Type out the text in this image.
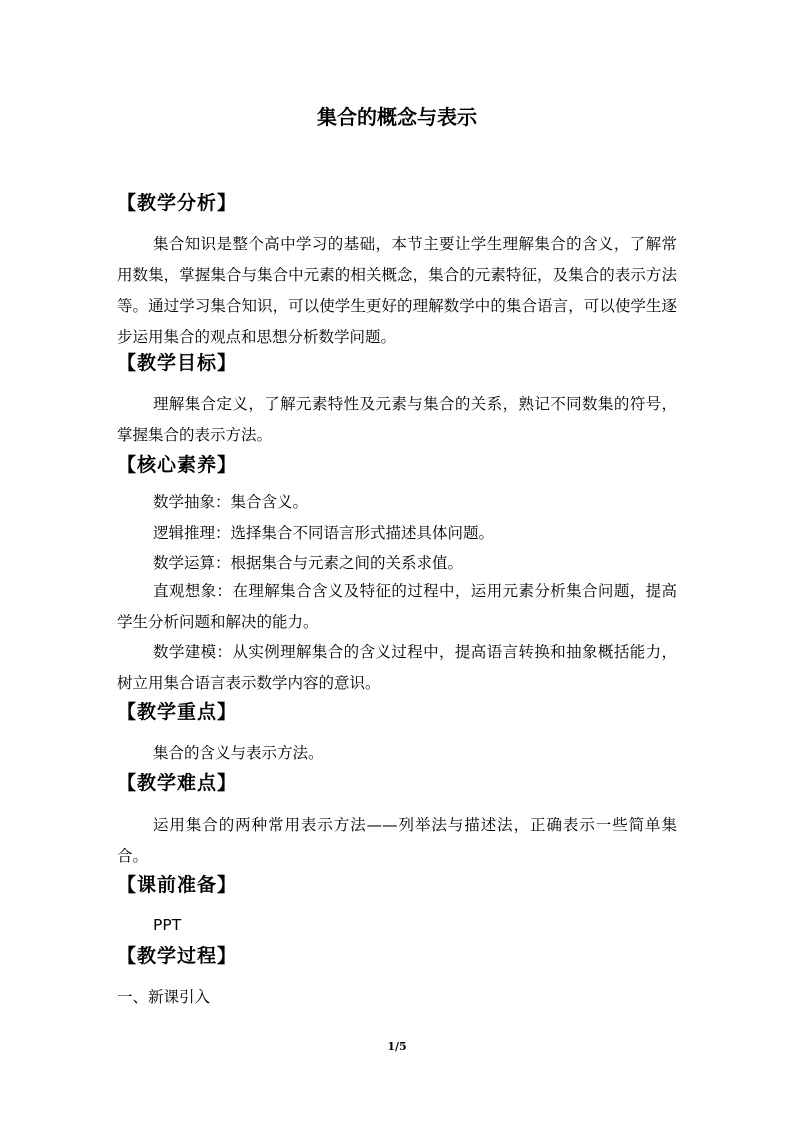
集合的概念与表示
【教学分析】
集合知识是整个高中学习的基础，本节主要让学生理解集合的含义，了解常用数集，掌握集合与集合中元素的相关概念，集合的元素特征，及集合的表示方法等。通过学习集合知识，可以使学生更好的理解数学中的集合语言，可以使学生逐步运用集合的观点和思想分析数学问题。
【教学目标】
理解集合定义，了解元素特性及元素与集合的关系，熟记不同数集的符号，掌握集合的表示方法。
【核心素养】
数学抽象：集合含义。
逻辑推理：选择集合不同语言形式描述具体问题。
数学运算：根据集合与元素之间的关系求值。
直观想象：在理解集合含义及特征的过程中，运用元素分析集合问题，提高学生分析问题和解决的能力。
数学建模：从实例理解集合的含义过程中，提高语言转换和抽象概括能力，树立用集合语言表示数学内容的意识。
【教学重点】
集合的含义与表示方法。
【教学难点】
运用集合的两种常用表示方法——列举法与描述法，正确表示一些简单集合。
【课前准备】
PPT
【教学过程】
一、新课引入
1/5
